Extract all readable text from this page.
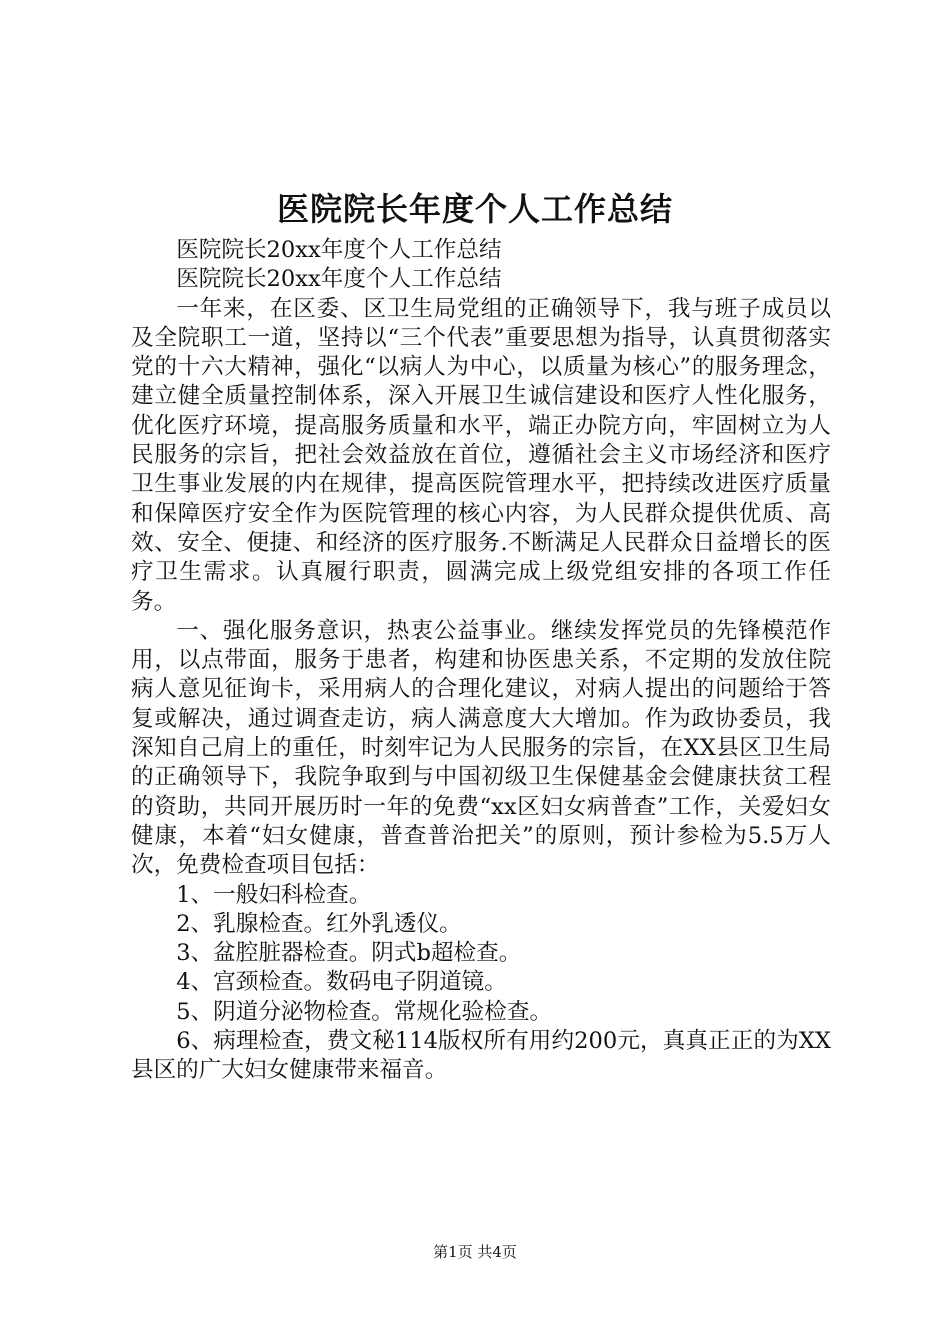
医院院长年度个人工作总结

医院院长20xx年度个人工作总结

医院院长20xx年度个人工作总结

一年来，在区委、区卫生局党组的正确领导下，我与班子成员以及全院职工一道，坚持以“三个代表”重要思想为指导，认真贯彻落实党的十六大精神，强化“以病人为中心，以质量为核心”的服务理念，建立健全质量控制体系，深入开展卫生诚信建设和医疗人性化服务，优化医疗环境，提高服务质量和水平，端正办院方向，牢固树立为人民服务的宗旨，把社会效益放在首位，遵循社会主义市场经济和医疗卫生事业发展的内在规律，提高医院管理水平，把持续改进医疗质量和保障医疗安全作为医院管理的核心内容，为人民群众提供优质、高效、安全、便捷、和经济的医疗服务.不断满足人民群众日益增长的医疗卫生需求。认真履行职责，圆满完成上级党组安排的各项工作任务。

一、强化服务意识，热衷公益事业。继续发挥党员的先锋模范作用，以点带面，服务于患者，构建和协医患关系，不定期的发放住院病人意见征询卡，采用病人的合理化建议，对病人提出的问题给于答复或解决，通过调查走访，病人满意度大大增加。作为政协委员，我深知自己肩上的重任，时刻牢记为人民服务的宗旨，在XX县区卫生局的正确领导下，我院争取到与中国初级卫生保健基金会健康扶贫工程的资助，共同开展历时一年的免费“xx区妇女病普查”工作，关爱妇女健康，本着“妇女健康，普查普治把关”的原则，预计参检为5.5万人次，免费检查项目包括：

1、一般妇科检查。

2、乳腺检查。红外乳透仪。

3、盆腔脏器检查。阴式b超检查。

4、宫颈检查。数码电子阴道镜。

5、阴道分泌物检查。常规化验检查。

6、病理检查，费文秘114版权所有用约200元，真真正正的为XX县区的广大妇女健康带来福音。

第1页 共4页
